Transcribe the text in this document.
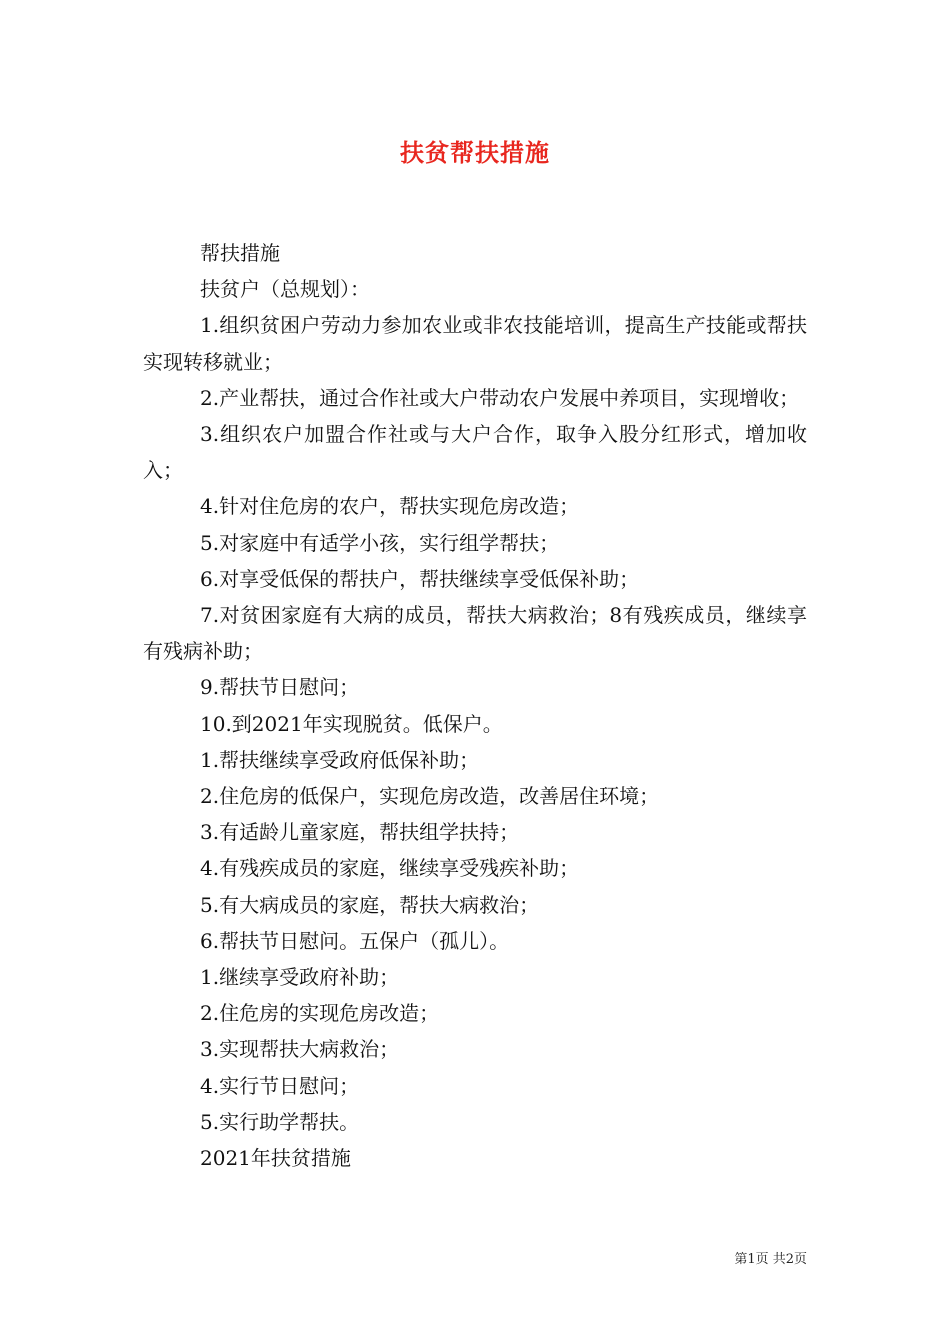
扶贫帮扶措施

帮扶措施

扶贫户（总规划）：

1.组织贫困户劳动力参加农业或非农技能培训，提高生产技能或帮扶实现转移就业；

2.产业帮扶，通过合作社或大户带动农户发展中养项目，实现增收；

3.组织农户加盟合作社或与大户合作，取争入股分红形式，增加收入；

4.针对住危房的农户，帮扶实现危房改造；

5.对家庭中有适学小孩，实行组学帮扶；

6.对享受低保的帮扶户，帮扶继续享受低保补助；

7.对贫困家庭有大病的成员，帮扶大病救治；8有残疾成员，继续享有残病补助；

9.帮扶节日慰问；

10.到2021年实现脱贫。低保户。

1.帮扶继续享受政府低保补助；

2.住危房的低保户，实现危房改造，改善居住环境；

3.有适龄儿童家庭，帮扶组学扶持；

4.有残疾成员的家庭，继续享受残疾补助；

5.有大病成员的家庭，帮扶大病救治；

6.帮扶节日慰问。五保户（孤儿）。

1.继续享受政府补助；

2.住危房的实现危房改造；

3.实现帮扶大病救治；

4.实行节日慰问；

5.实行助学帮扶。

2021年扶贫措施

第1页 共2页
